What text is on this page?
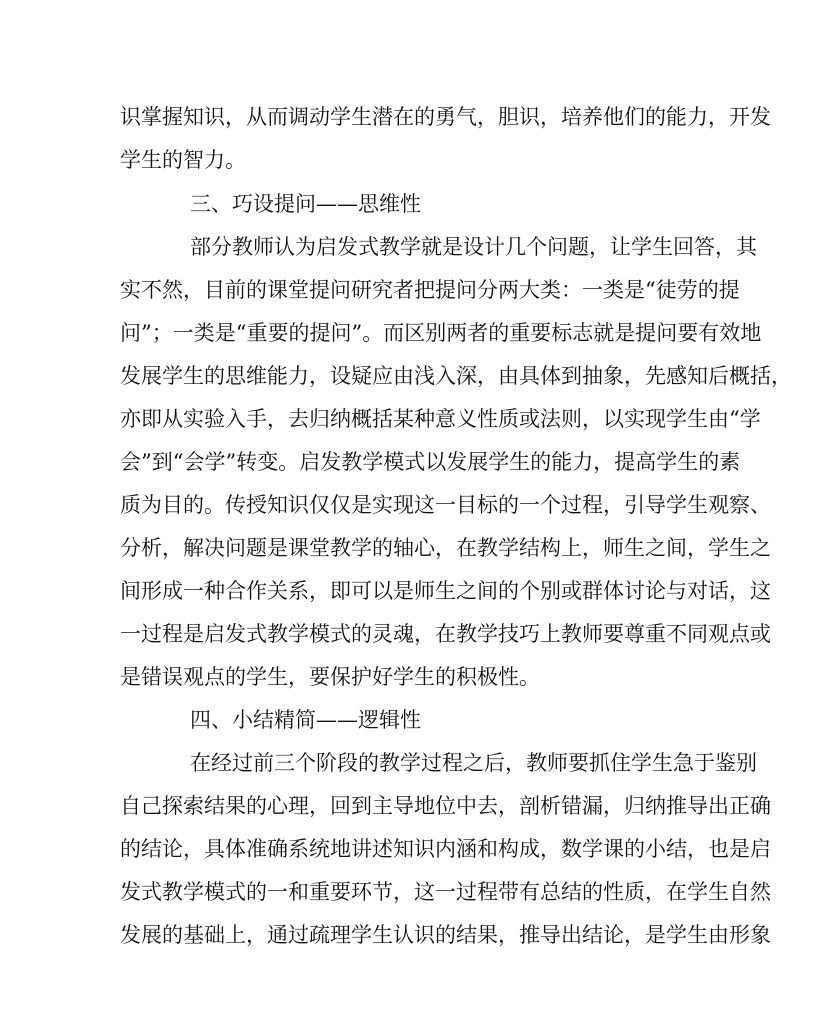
识掌握知识，从而调动学生潜在的勇气，胆识，培养他们的能力，开发

学生的智力。

三、巧设提问——思维性

部分教师认为启发式教学就是设计几个问题，让学生回答，其

实不然，目前的课堂提问研究者把提问分两大类：一类是“徒劳的提

问”；一类是“重要的提问”。而区别两者的重要标志就是提问要有效地

发展学生的思维能力，设疑应由浅入深，由具体到抽象，先感知后概括，

亦即从实验入手，去归纳概括某种意义性质或法则，以实现学生由“学

会”到“会学”转变。启发教学模式以发展学生的能力，提高学生的素

质为目的。传授知识仅仅是实现这一目标的一个过程，引导学生观察、

分析，解决问题是课堂教学的轴心，在教学结构上，师生之间，学生之

间形成一种合作关系，即可以是师生之间的个别或群体讨论与对话，这

一过程是启发式教学模式的灵魂，在教学技巧上教师要尊重不同观点或

是错误观点的学生，要保护好学生的积极性。

四、小结精简——逻辑性

在经过前三个阶段的教学过程之后，教师要抓住学生急于鉴别

自己探索结果的心理，回到主导地位中去，剖析错漏，归纳推导出正确

的结论，具体准确系统地讲述知识内涵和构成，数学课的小结，也是启

发式教学模式的一和重要环节，这一过程带有总结的性质，在学生自然

发展的基础上，通过疏理学生认识的结果，推导出结论，是学生由形象
